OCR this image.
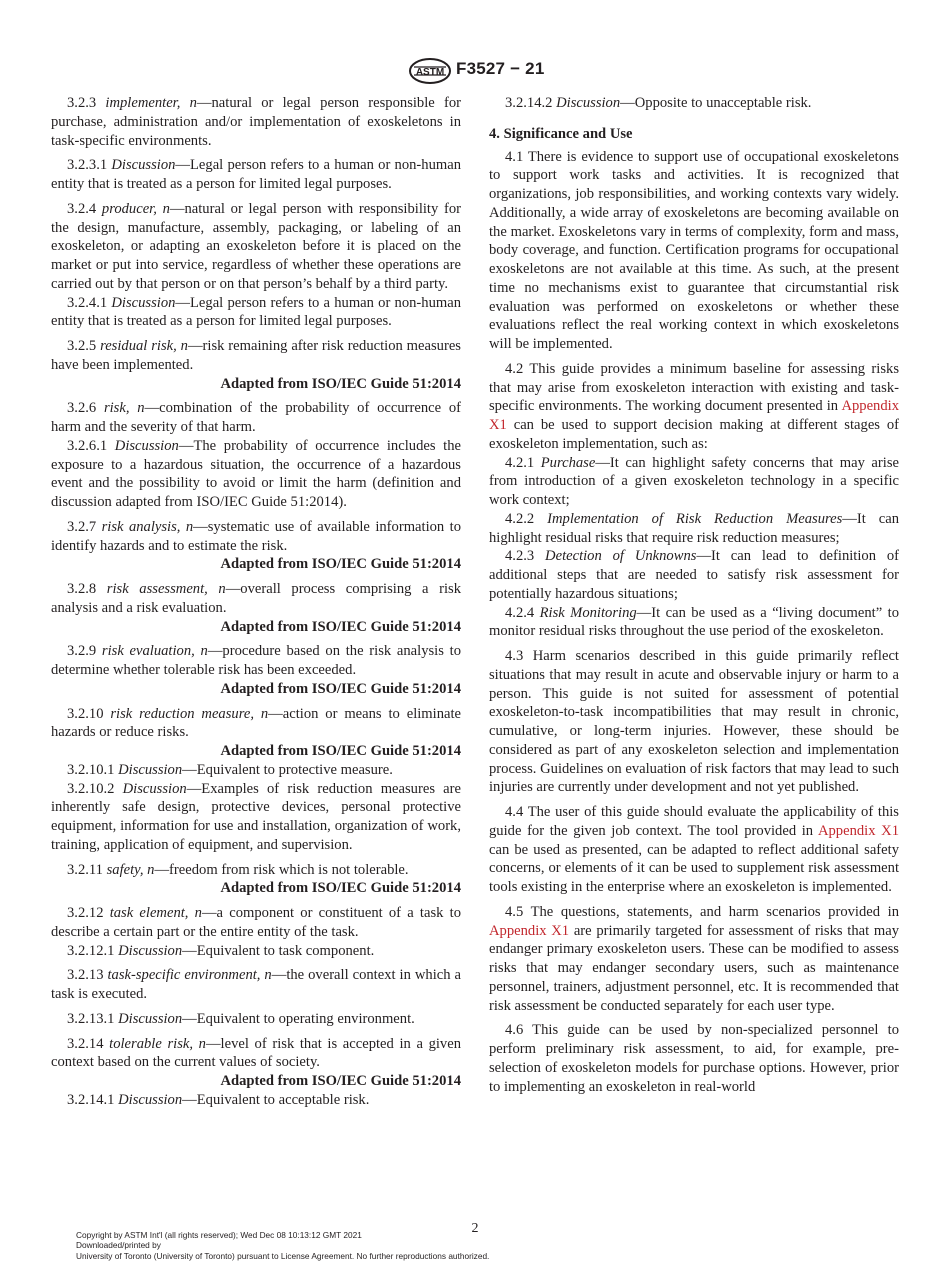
ASTM F3527 − 21

3.2.3 implementer, n—natural or legal person responsible for purchase, administration and/or implementation of exoskeletons in task-specific environments.

3.2.3.1 Discussion—Legal person refers to a human or non-human entity that is treated as a person for limited legal purposes.

3.2.4 producer, n—natural or legal person with responsibility for the design, manufacture, assembly, packaging, or labeling of an exoskeleton, or adapting an exoskeleton before it is placed on the market or put into service, regardless of whether these operations are carried out by that person or on that person’s behalf by a third party.

3.2.4.1 Discussion—Legal person refers to a human or non-human entity that is treated as a person for limited legal purposes.

3.2.5 residual risk, n—risk remaining after risk reduction measures have been implemented.

Adapted from ISO/IEC Guide 51:2014

3.2.6 risk, n—combination of the probability of occurrence of harm and the severity of that harm.

3.2.6.1 Discussion—The probability of occurrence includes the exposure to a hazardous situation, the occurrence of a hazardous event and the possibility to avoid or limit the harm (definition and discussion adapted from ISO/IEC Guide 51:2014).

3.2.7 risk analysis, n—systematic use of available information to identify hazards and to estimate the risk.

Adapted from ISO/IEC Guide 51:2014

3.2.8 risk assessment, n—overall process comprising a risk analysis and a risk evaluation.

Adapted from ISO/IEC Guide 51:2014

3.2.9 risk evaluation, n—procedure based on the risk analysis to determine whether tolerable risk has been exceeded.

Adapted from ISO/IEC Guide 51:2014

3.2.10 risk reduction measure, n—action or means to eliminate hazards or reduce risks.

Adapted from ISO/IEC Guide 51:2014

3.2.10.1 Discussion—Equivalent to protective measure.

3.2.10.2 Discussion—Examples of risk reduction measures are inherently safe design, protective devices, personal protective equipment, information for use and installation, organization of work, training, application of equipment, and supervision.

3.2.11 safety, n—freedom from risk which is not tolerable.

Adapted from ISO/IEC Guide 51:2014

3.2.12 task element, n—a component or constituent of a task to describe a certain part or the entire entity of the task.

3.2.12.1 Discussion—Equivalent to task component.

3.2.13 task-specific environment, n—the overall context in which a task is executed.

3.2.13.1 Discussion—Equivalent to operating environment.

3.2.14 tolerable risk, n—level of risk that is accepted in a given context based on the current values of society.

Adapted from ISO/IEC Guide 51:2014

3.2.14.1 Discussion—Equivalent to acceptable risk.

3.2.14.2 Discussion—Opposite to unacceptable risk.

4. Significance and Use

4.1 There is evidence to support use of occupational exoskeletons to support work tasks and activities. It is recognized that organizations, job responsibilities, and working contexts vary widely. Additionally, a wide array of exoskeletons are becoming available on the market. Exoskeletons vary in terms of complexity, form and mass, body coverage, and function. Certification programs for occupational exoskeletons are not available at this time. As such, at the present time no mechanisms exist to guarantee that circumstantial risk evaluation was performed on exoskeletons or whether these evaluations reflect the real working context in which exoskeletons will be implemented.

4.2 This guide provides a minimum baseline for assessing risks that may arise from exoskeleton interaction with existing and task-specific environments. The working document presented in Appendix X1 can be used to support decision making at different stages of exoskeleton implementation, such as:

4.2.1 Purchase—It can highlight safety concerns that may arise from introduction of a given exoskeleton technology in a specific work context;

4.2.2 Implementation of Risk Reduction Measures—It can highlight residual risks that require risk reduction measures;

4.2.3 Detection of Unknowns—It can lead to definition of additional steps that are needed to satisfy risk assessment for potentially hazardous situations;

4.2.4 Risk Monitoring—It can be used as a “living document” to monitor residual risks throughout the use period of the exoskeleton.

4.3 Harm scenarios described in this guide primarily reflect situations that may result in acute and observable injury or harm to a person. This guide is not suited for assessment of potential exoskeleton-to-task incompatibilities that may result in chronic, cumulative, or long-term injuries. However, these should be considered as part of any exoskeleton selection and implementation process. Guidelines on evaluation of risk factors that may lead to such injuries are currently under development and not yet published.

4.4 The user of this guide should evaluate the applicability of this guide for the given job context. The tool provided in Appendix X1 can be used as presented, can be adapted to reflect additional safety concerns, or elements of it can be used to supplement risk assessment tools existing in the enterprise where an exoskeleton is implemented.

4.5 The questions, statements, and harm scenarios provided in Appendix X1 are primarily targeted for assessment of risks that may endanger primary exoskeleton users. These can be modified to assess risks that may endanger secondary users, such as maintenance personnel, trainers, adjustment personnel, etc. It is recommended that risk assessment be conducted separately for each user type.

4.6 This guide can be used by non-specialized personnel to perform preliminary risk assessment, to aid, for example, pre-selection of exoskeleton models for purchase options. However, prior to implementing an exoskeleton in real-world

2
Copyright by ASTM Int'l (all rights reserved); Wed Dec 08 10:13:12 GMT 2021
Downloaded/printed by
University of Toronto (University of Toronto) pursuant to License Agreement. No further reproductions authorized.
